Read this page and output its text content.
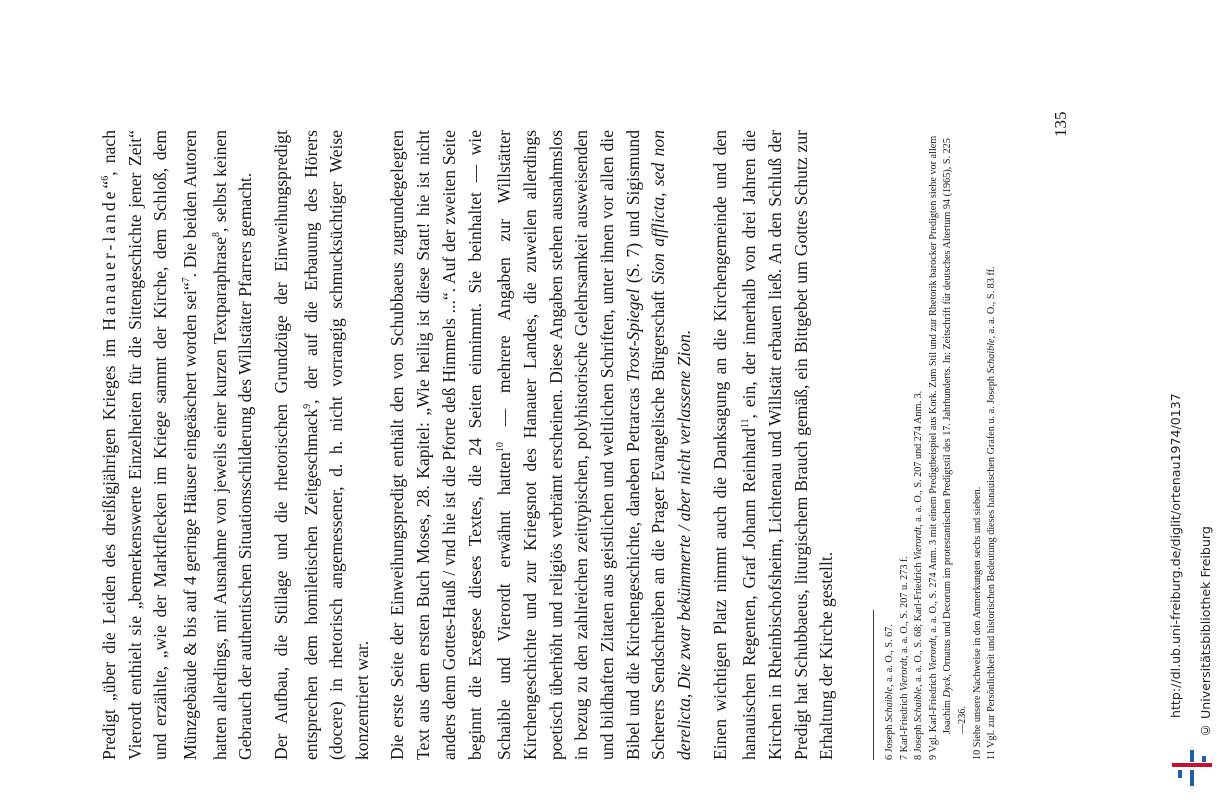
Predigt „über die Leiden des dreißigjährigen Krieges im Hanauer-lande“$^6$, nach Vierordt enthielt sie „bemerkenswerte Einzelheiten für die Sittengeschichte jener Zeit“ und erzählte, „wie der Marktflecken im Kriege sammt der Kirche, dem Schloß, dem Münzgebäude & bis auf 4 geringe Häuser eingeäschert worden sei“$^7$. Die beiden Autoren hatten allerdings, mit Ausnahme von jeweils einer kurzen Textparaphrase$^8$, selbst keinen Gebrauch der authentischen Situationsschilderung des Willstätter Pfarrers gemacht. Der Aufbau, die Stillage und die rhetorischen Grundzüge der Einweihungspredigt entsprechen dem homiletischen Zeitgeschmack$^9$, der auf die Erbauung des Hörers (docere) in rhetorisch angemessener, d. h. nicht vorrangig schmucksüchtiger Weise konzentriert war. Die erste Seite der Einweihungspredigt enthält den von Schubbaeus zugrundegelegten Text aus dem ersten Buch Moses, 28. Kapitel: „Wie heilig ist diese Statt! hie ist nicht anders denn Gottes-Hauß / vnd hie ist die Pforte deß Himmels ...“. Auf der zweiten Seite beginnt die Exegese dieses Textes, die 24 Seiten einnimmt. Sie beinhaltet — wie Schaible und Vierordt erwähnt hatten$^{10}$ — mehrere Angaben zur Willstätter Kirchengeschichte und zur Kriegsnot des Hanauer Landes, die zuweilen allerdings poetisch überhöht und religiös verbrämt erscheinen. Diese Angaben stehen ausnahmslos in bezug zu den zahlreichen zeittypischen, polyhistorische Gelehrsamkeit ausweisenden und bildhaften Zitaten aus geistlichen und weltlichen Schriften, unter ihnen vor allen die Bibel und die Kirchengeschichte, daneben Petrarcas Trost-Spiegel (S. 7) und Sigismund Scherers Sendschreiben an die Prager Evangelische Bürgerschaft Sion afflicta, sed non derelicta, Die zwar bekümmerte / aber nicht verlassene Zion. Einen wichtigen Platz nimmt auch die Danksagung an die Kirchengemeinde und den hanauischen Regenten, Graf Johann Reinhard$^{11}$, ein, der innerhalb von drei Jahren die Kirchen in Rheinbischofsheim, Lichtenau und Willstätt erbauen ließ. An den Schluß der Predigt hat Schubbaeus, liturgischem Brauch gemäß, ein Bittgebet um Gottes Schutz zur Erhaltung der Kirche gestellt.	6 Joseph Schaible, a. a. O., S. 67.
7 Karl-Friedrich Vierordt, a. a. O., S. 207 u. 273 f.
8 Joseph Schaible, a. a. O., S. 68; Karl-Friedrich Vierordt, a. a. O., S. 207 und 274 Anm. 3.
9 Vgl. Karl-Friedrich Vierordt, a. a. O., S. 274 Anm. 3 mit einem Predigtbeispiel aus Kork. Zum Stil und zur Rhetorik barocker Predigten siehe vor allem Joachim Dyck, Ornatus und Decorum im protestantischen Predigtstil des 17. Jahrhunderts. In: Zeitschrift für deutsches Altertum 94 (1965), S. 225—236. 10 Siehe unsere Nachweise in den Anmerkungen sechs und sieben. 11 Vgl. zur Persönlichkeit und historischen Bedeutung dieses hanauischen Grafen u. a. Joseph Schaible, a. a. O., S. 83 ff.
135
http://dl.ub.uni-freiburg.de/diglit/ortenau1974/0137 © Universitätsbibliothek Freiburg
